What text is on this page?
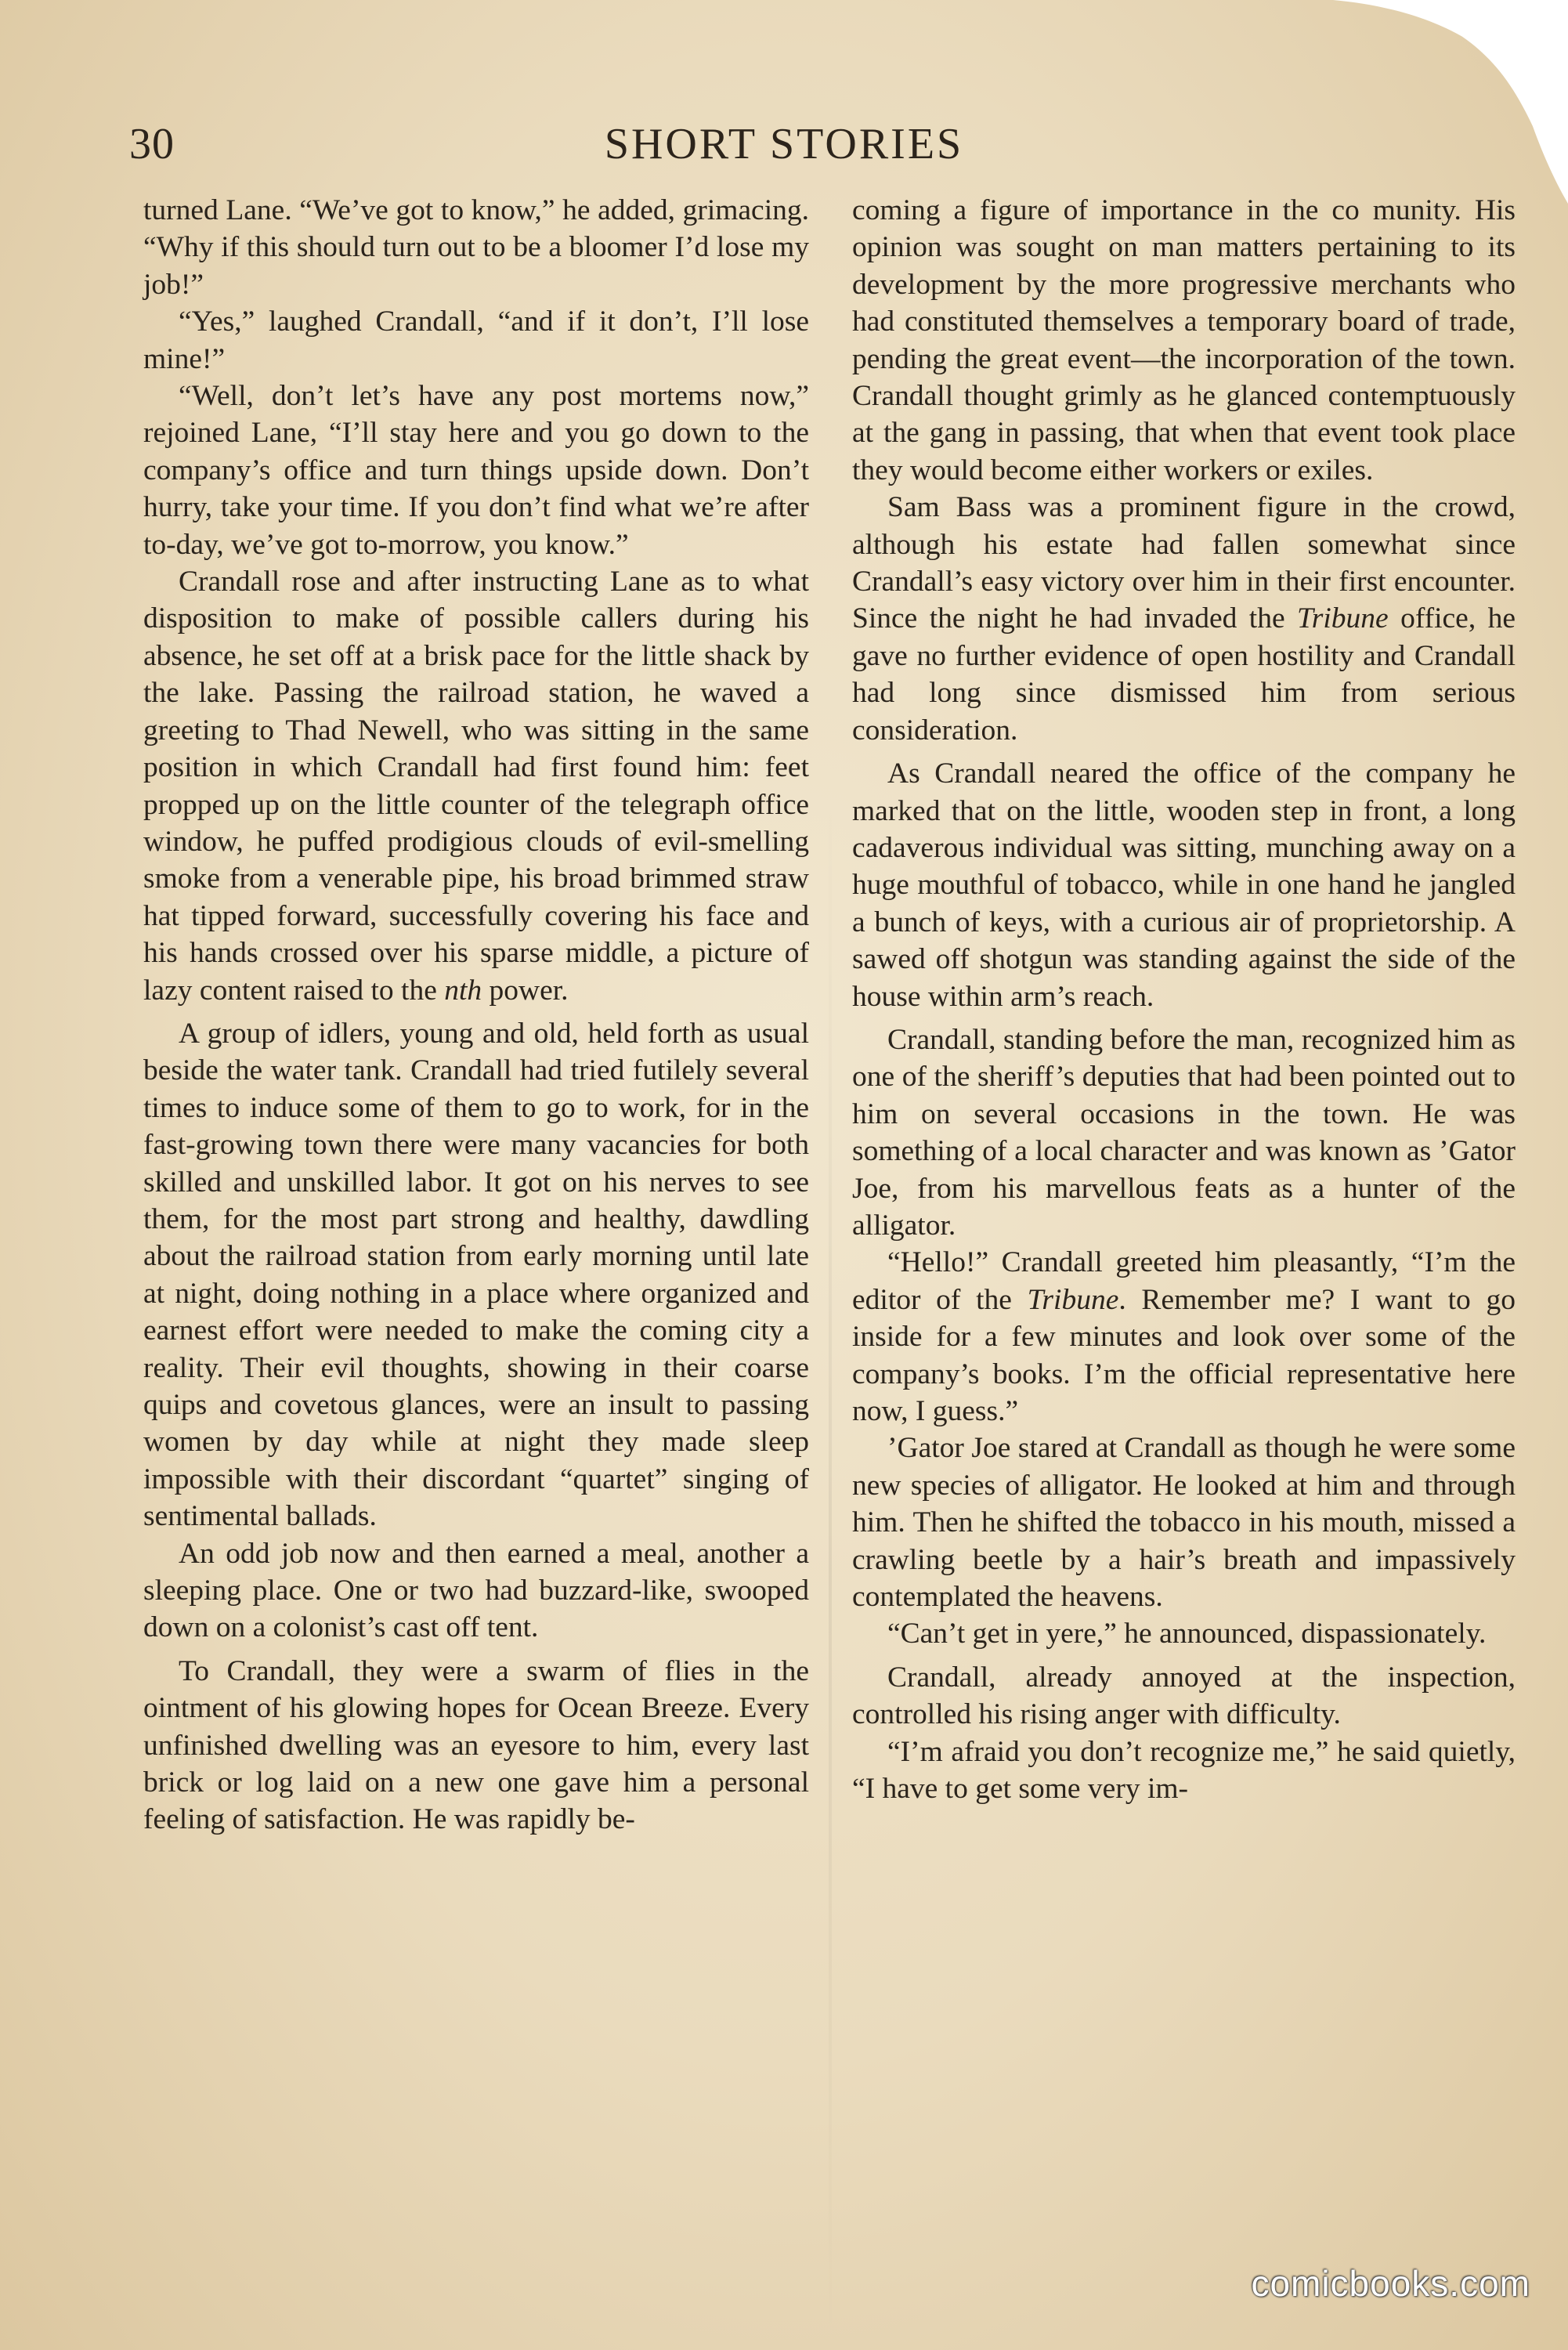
30	SHORT STORIES

turned Lane. “We’ve got to know,” he added, grimacing. “Why if this should turn out to be a bloomer I’d lose my job!”

“Yes,” laughed Crandall, “and if it don’t, I’ll lose mine!”

“Well, don’t let’s have any post mortems now,” rejoined Lane, “I’ll stay here and you go down to the company’s office and turn things upside down. Don’t hurry, take your time. If you don’t find what we’re after to-day, we’ve got to-morrow, you know.”

Crandall rose and after instructing Lane as to what disposition to make of possible callers during his absence, he set off at a brisk pace for the little shack by the lake. Passing the railroad station, he waved a greeting to Thad Newell, who was sitting in the same position in which Crandall had first found him: feet propped up on the little counter of the telegraph office window, he puffed prodigious clouds of evil-smelling smoke from a venerable pipe, his broad brimmed straw hat tipped forward, successfully covering his face and his hands crossed over his sparse middle, a picture of lazy content raised to the nth power.

A group of idlers, young and old, held forth as usual beside the water tank. Crandall had tried futilely several times to induce some of them to go to work, for in the fast-growing town there were many vacancies for both skilled and unskilled labor. It got on his nerves to see them, for the most part strong and healthy, dawdling about the railroad station from early morning until late at night, doing nothing in a place where organized and earnest effort were needed to make the coming city a reality. Their evil thoughts, showing in their coarse quips and covetous glances, were an insult to passing women by day while at night they made sleep impossible with their discordant “quartet” singing of sentimental ballads.

An odd job now and then earned a meal, another a sleeping place. One or two had buzzard-like, swooped down on a colonist’s cast off tent.

To Crandall, they were a swarm of flies in the ointment of his glowing hopes for Ocean Breeze. Every unfinished dwelling was an eyesore to him, every last brick or log laid on a new one gave him a personal feeling of satisfaction. He was rapidly be-

coming a figure of importance in the co munity. His opinion was sought on man matters pertaining to its development by the more progressive merchants who had constituted themselves a temporary board of trade, pending the great event—the incorporation of the town. Crandall thought grimly as he glanced contemptuously at the gang in passing, that when that event took place they would become either workers or exiles.

Sam Bass was a prominent figure in the crowd, although his estate had fallen somewhat since Crandall’s easy victory over him in their first encounter. Since the night he had invaded the Tribune office, he gave no further evidence of open hostility and Crandall had long since dismissed him from serious consideration.

As Crandall neared the office of the company he marked that on the little, wooden step in front, a long cadaverous individual was sitting, munching away on a huge mouthful of tobacco, while in one hand he jangled a bunch of keys, with a curious air of proprietorship. A sawed off shotgun was standing against the side of the house within arm’s reach.

Crandall, standing before the man, recognized him as one of the sheriff’s deputies that had been pointed out to him on several occasions in the town. He was something of a local character and was known as ’Gator Joe, from his marvellous feats as a hunter of the alligator.

“Hello!” Crandall greeted him pleasantly, “I’m the editor of the Tribune. Remember me? I want to go inside for a few minutes and look over some of the company’s books. I’m the official representative here now, I guess.”

’Gator Joe stared at Crandall as though he were some new species of alligator. He looked at him and through him. Then he shifted the tobacco in his mouth, missed a crawling beetle by a hair’s breath and impassively contemplated the heavens.

“Can’t get in yere,” he announced, dispassionately.

Crandall, already annoyed at the inspection, controlled his rising anger with difficulty.

“I’m afraid you don’t recognize me,” he said quietly, “I have to get some very im-

comicbooks.com
